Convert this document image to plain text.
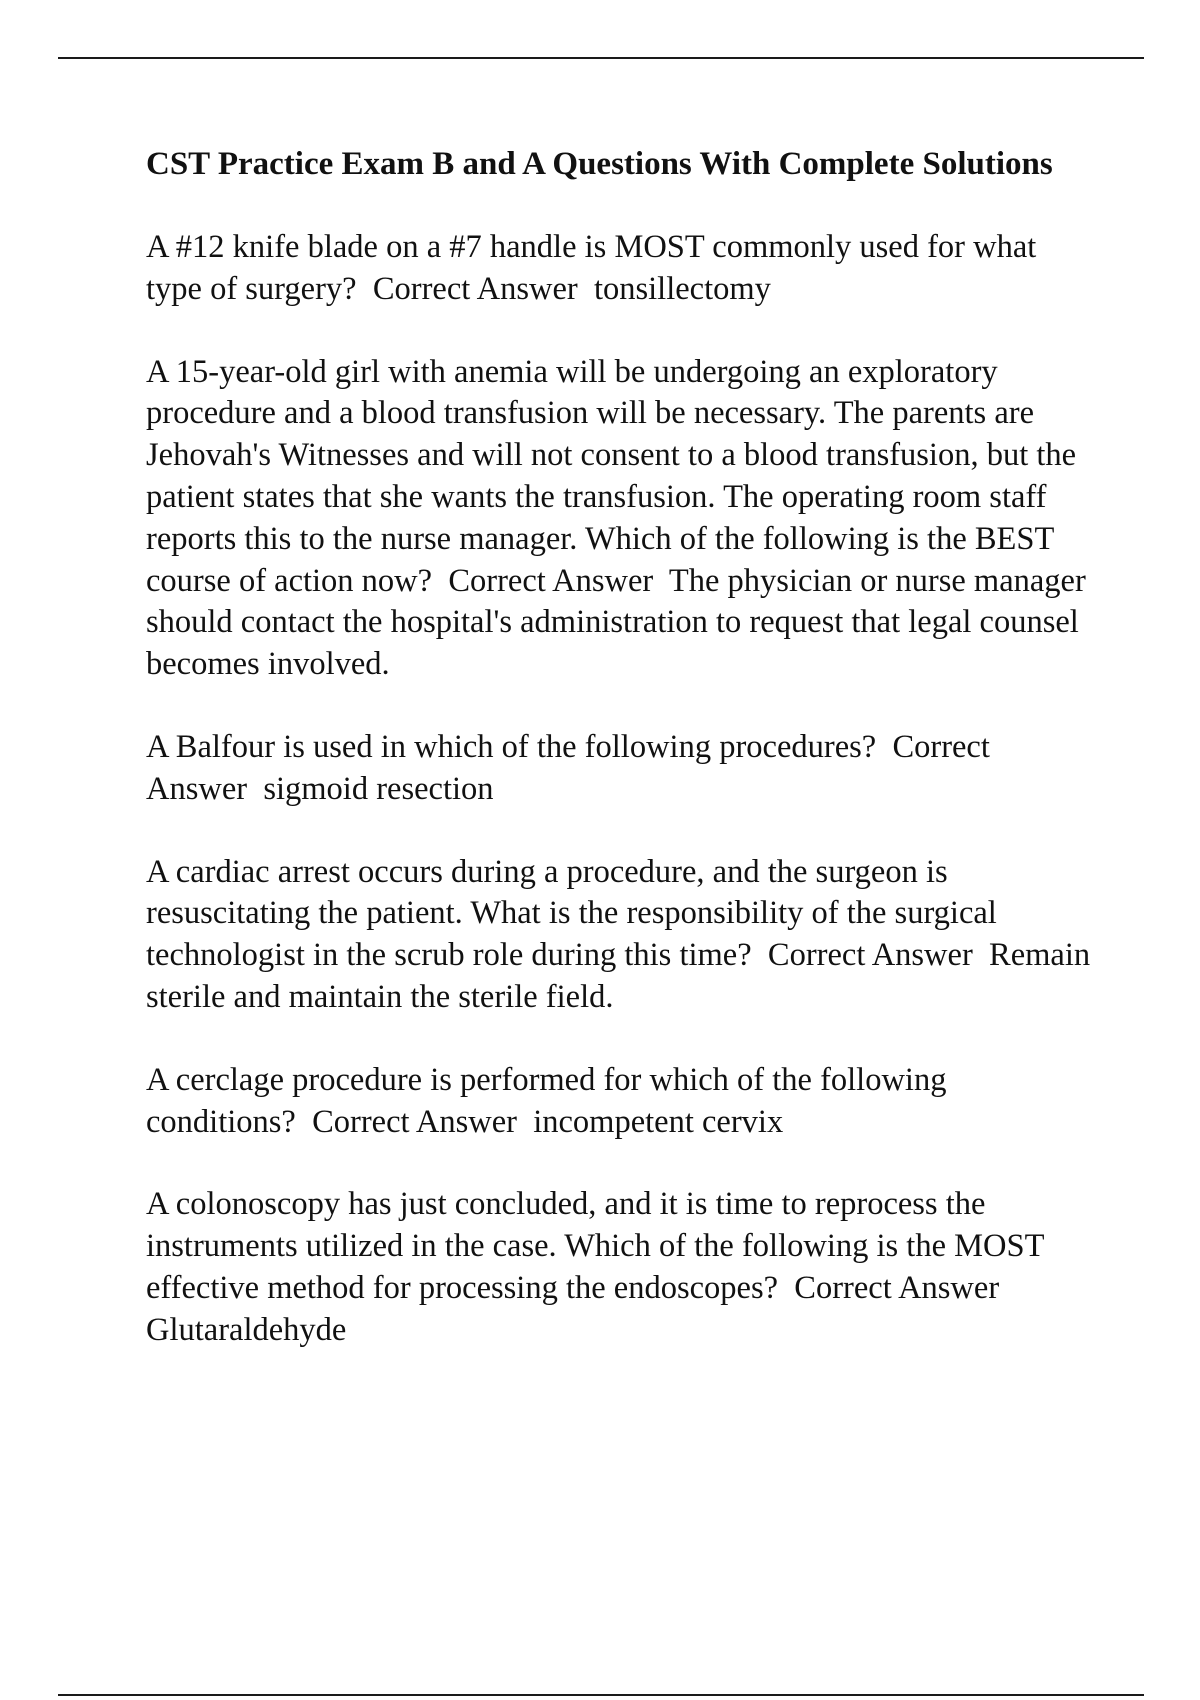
CST Practice Exam B and A Questions With Complete Solutions
A #12 knife blade on a #7 handle is MOST commonly used for what type of surgery? Correct Answer tonsillectomy
A 15-year-old girl with anemia will be undergoing an exploratory procedure and a blood transfusion will be necessary. The parents are Jehovah's Witnesses and will not consent to a blood transfusion, but the patient states that she wants the transfusion. The operating room staff reports this to the nurse manager. Which of the following is the BEST course of action now? Correct Answer The physician or nurse manager should contact the hospital's administration to request that legal counsel becomes involved.
A Balfour is used in which of the following procedures? Correct Answer sigmoid resection
A cardiac arrest occurs during a procedure, and the surgeon is resuscitating the patient. What is the responsibility of the surgical technologist in the scrub role during this time? Correct Answer Remain sterile and maintain the sterile field.
A cerclage procedure is performed for which of the following conditions? Correct Answer incompetent cervix
A colonoscopy has just concluded, and it is time to reprocess the instruments utilized in the case. Which of the following is the MOST effective method for processing the endoscopes? Correct Answer  Glutaraldehyde
